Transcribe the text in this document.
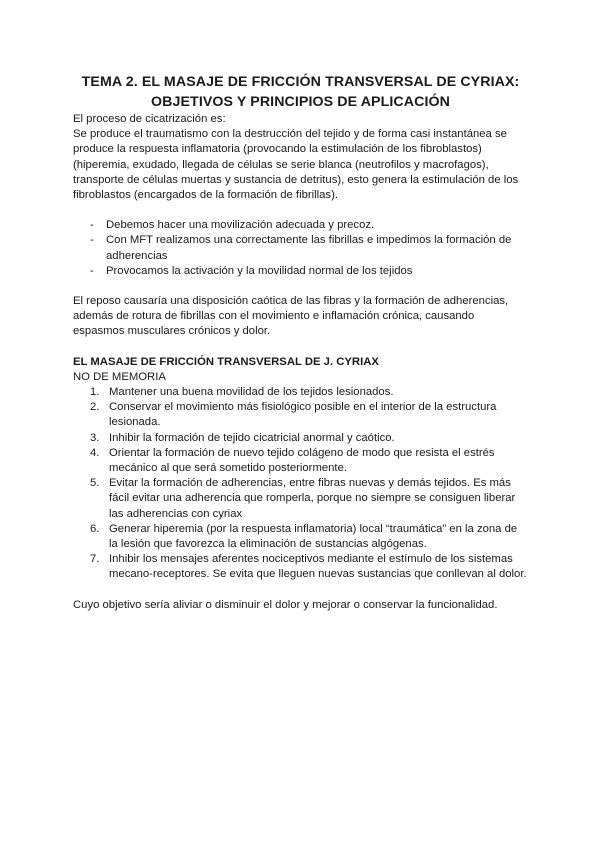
TEMA 2. EL MASAJE DE FRICCIÓN TRANSVERSAL DE CYRIAX:
OBJETIVOS Y PRINCIPIOS DE APLICACIÓN

El proceso de cicatrización es:

Se produce el traumatismo con la destrucción del tejido y de forma casi instantánea se produce la respuesta inflamatoria (provocando la estimulación de los fibroblastos) (hiperemia, exudado, llegada de células se serie blanca (neutrofilos y macrofagos), transporte de células muertas y sustancia de detritus), esto genera la estimulación de los fibroblastos (encargados de la formación de fibrillas).

- Debemos hacer una movilización adecuada y precoz.
- Con MFT realizamos una correctamente las fibrillas e impedimos la formación de adherencias
- Provocamos la activación y la movilidad normal de los tejidos

El reposo causaría una disposición caótica de las fibras y la formación de adherencias, además de rotura de fibrillas con el movimiento e inflamación crónica, causando espasmos musculares crónicos y dolor.

EL MASAJE DE FRICCIÓN TRANSVERSAL DE J. CYRIAX

NO DE MEMORIA

1. Mantener una buena movilidad de los tejidos lesionados.
2. Conservar el movimiento más fisiológico posible en el interior de la estructura lesionada.
3. Inhibir la formación de tejido cicatricial anormal y caótico.
4. Orientar la formación de nuevo tejido colágeno de modo que resista el estrés mecánico al que será sometido posteriormente.
5. Evitar la formación de adherencias, entre fibras nuevas y demás tejidos. Es más fácil evitar una adherencia que romperla, porque no siempre se consiguen liberar las adherencias con cyriax
6. Generar hiperemia (por la respuesta inflamatoria) local “traumática” en la zona de la lesión que favorezca la eliminación de sustancias algógenas.
7. Inhibir los mensajes aferentes nociceptivos mediante el estímulo de los sistemas mecano-receptores. Se evita que lleguen nuevas sustancias que conllevan al dolor.

Cuyo objetivo sería aliviar o disminuir el dolor y mejorar o conservar la funcionalidad.
